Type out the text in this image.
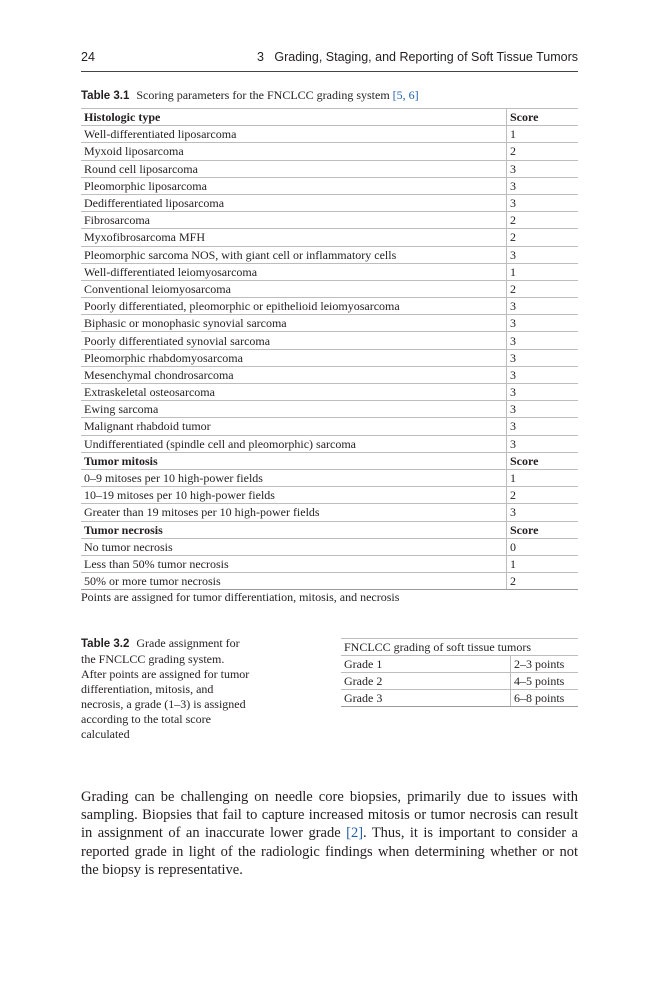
24	3   Grading, Staging, and Reporting of Soft Tissue Tumors
Table 3.1 Scoring parameters for the FNCLCC grading system [5, 6]
Histologic type	Score
Well-differentiated liposarcoma	1
Myxoid liposarcoma	2
Round cell liposarcoma	3
Pleomorphic liposarcoma	3
Dedifferentiated liposarcoma	3
Fibrosarcoma	2
Myxofibrosarcoma MFH	2
Pleomorphic sarcoma NOS, with giant cell or inflammatory cells	3
Well-differentiated leiomyosarcoma	1
Conventional leiomyosarcoma	2
Poorly differentiated, pleomorphic or epithelioid leiomyosarcoma	3
Biphasic or monophasic synovial sarcoma	3
Poorly differentiated synovial sarcoma	3
Pleomorphic rhabdomyosarcoma	3
Mesenchymal chondrosarcoma	3
Extraskeletal osteosarcoma	3
Ewing sarcoma	3
Malignant rhabdoid tumor	3
Undifferentiated (spindle cell and pleomorphic) sarcoma	3
Tumor mitosis	Score
0–9 mitoses per 10 high-power fields	1
10–19 mitoses per 10 high-power fields	2
Greater than 19 mitoses per 10 high-power fields	3
Tumor necrosis	Score
No tumor necrosis	0
Less than 50% tumor necrosis	1
50% or more tumor necrosis	2
Points are assigned for tumor differentiation, mitosis, and necrosis
Table 3.2 Grade assignment for the FNCLCC grading system. After points are assigned for tumor differentiation, mitosis, and necrosis, a grade (1–3) is assigned according to the total score calculated
FNCLCC grading of soft tissue tumors	
Grade 1	2–3 points
Grade 2	4–5 points
Grade 3	6–8 points
Grading can be challenging on needle core biopsies, primarily due to issues with sampling. Biopsies that fail to capture increased mitosis or tumor necrosis can result in assignment of an inaccurate lower grade [2]. Thus, it is important to consider a reported grade in light of the radiologic findings when determining whether or not the biopsy is representative.
